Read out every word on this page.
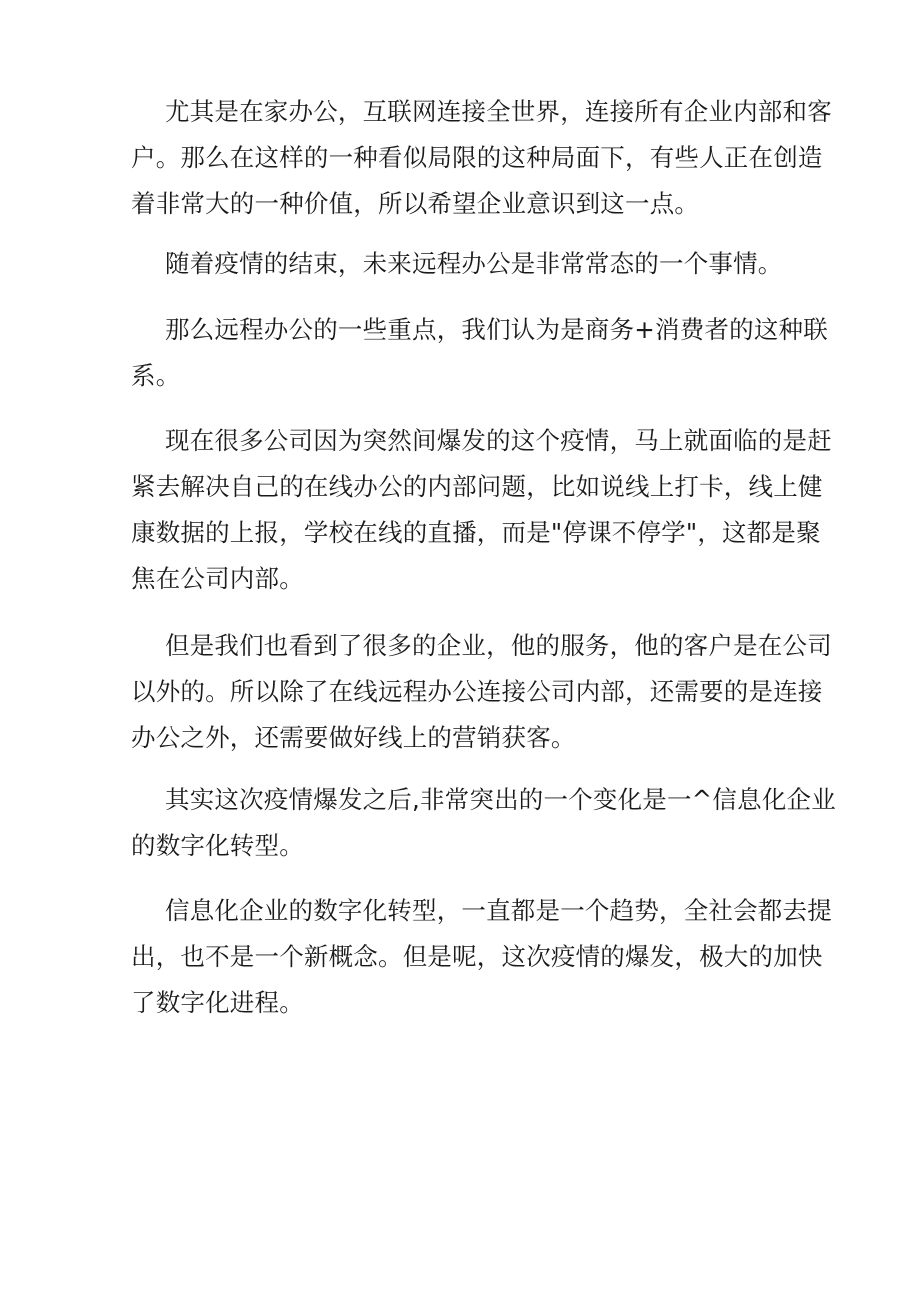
尤其是在家办公，互联网连接全世界，连接所有企业内部和客
户。那么在这样的一种看似局限的这种局面下，有些人正在创造
着非常大的一种价值，所以希望企业意识到这一点。

随着疫情的结束，未来远程办公是非常常态的一个事情。

那么远程办公的一些重点，我们认为是商务+消费者的这种联
系。

现在很多公司因为突然间爆发的这个疫情，马上就面临的是赶
紧去解决自己的在线办公的内部问题，比如说线上打卡，线上健
康数据的上报，学校在线的直播，而是"停课不停学"，这都是聚
焦在公司内部。

但是我们也看到了很多的企业，他的服务，他的客户是在公司
以外的。所以除了在线远程办公连接公司内部，还需要的是连接
办公之外，还需要做好线上的营销获客。

其实这次疫情爆发之后,非常突出的一个变化是一^信息化企业
的数字化转型。

信息化企业的数字化转型，一直都是一个趋势，全社会都去提
出，也不是一个新概念。但是呢，这次疫情的爆发，极大的加快
了数字化进程。
